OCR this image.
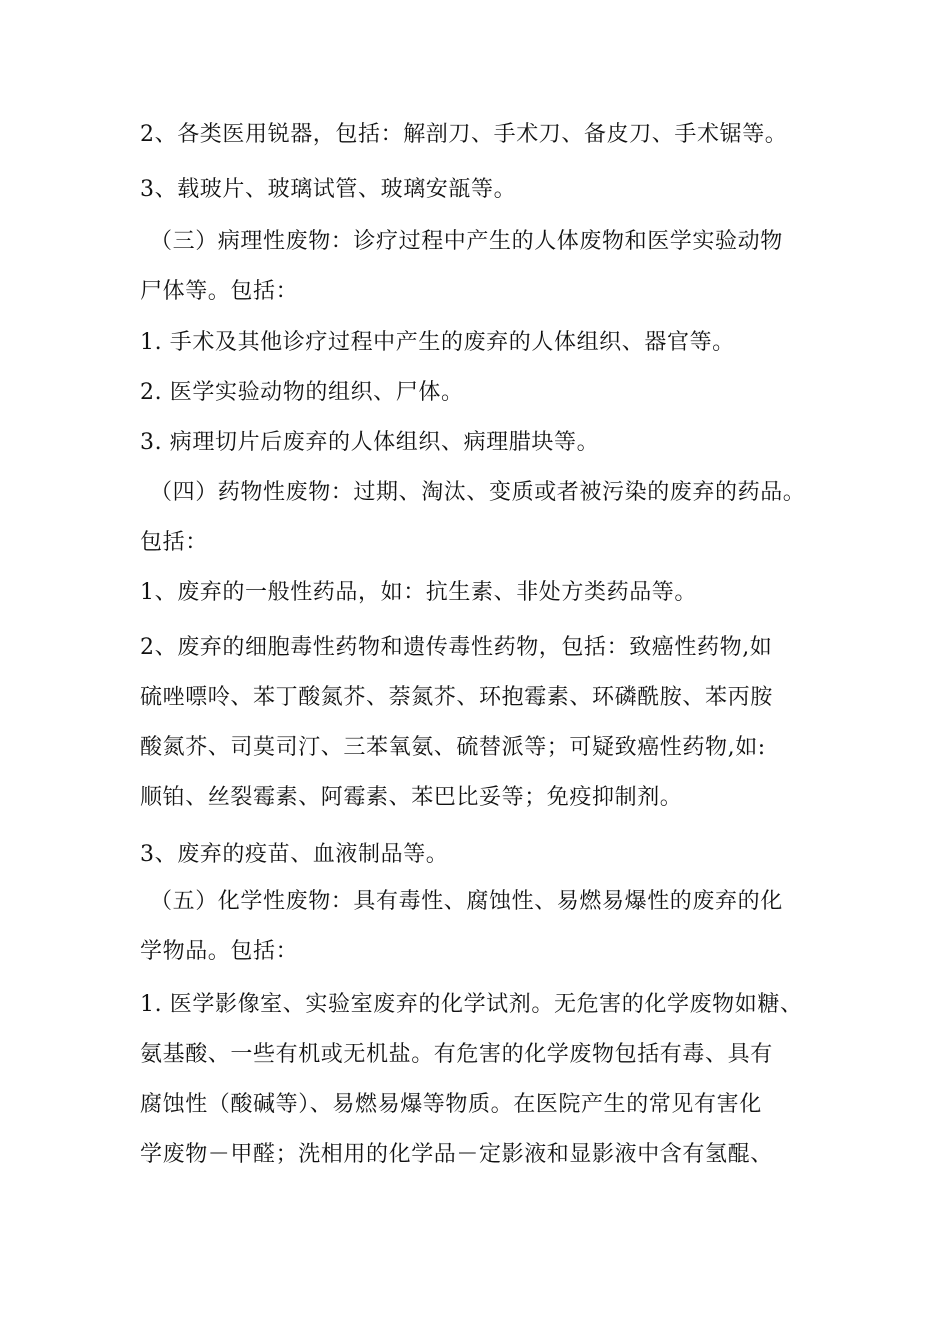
2、各类医用锐器，包括：解剖刀、手术刀、备皮刀、手术锯等。
3、载玻片、玻璃试管、玻璃安瓿等。
（三）病理性废物：诊疗过程中产生的人体废物和医学实验动物
尸体等。包括：
1. 手术及其他诊疗过程中产生的废弃的人体组织、器官等。
2. 医学实验动物的组织、尸体。
3. 病理切片后废弃的人体组织、病理腊块等。
（四）药物性废物：过期、淘汰、变质或者被污染的废弃的药品。
包括：
1、废弃的一般性药品，如：抗生素、非处方类药品等。
2、废弃的细胞毒性药物和遗传毒性药物，包括：致癌性药物,如
硫唑嘌呤、苯丁酸氮芥、萘氮芥、环抱霉素、环磷酰胺、苯丙胺
酸氮芥、司莫司汀、三苯氧氨、硫替派等；可疑致癌性药物,如:
顺铂、丝裂霉素、阿霉素、苯巴比妥等；免疫抑制剂。
3、废弃的疫苗、血液制品等。
（五）化学性废物：具有毒性、腐蚀性、易燃易爆性的废弃的化
学物品。包括：
1. 医学影像室、实验室废弃的化学试剂。无危害的化学废物如糖、
氨基酸、一些有机或无机盐。有危害的化学废物包括有毒、具有
腐蚀性（酸碱等）、易燃易爆等物质。在医院产生的常见有害化
学废物－甲醛；洗相用的化学品－定影液和显影液中含有氢醌、
